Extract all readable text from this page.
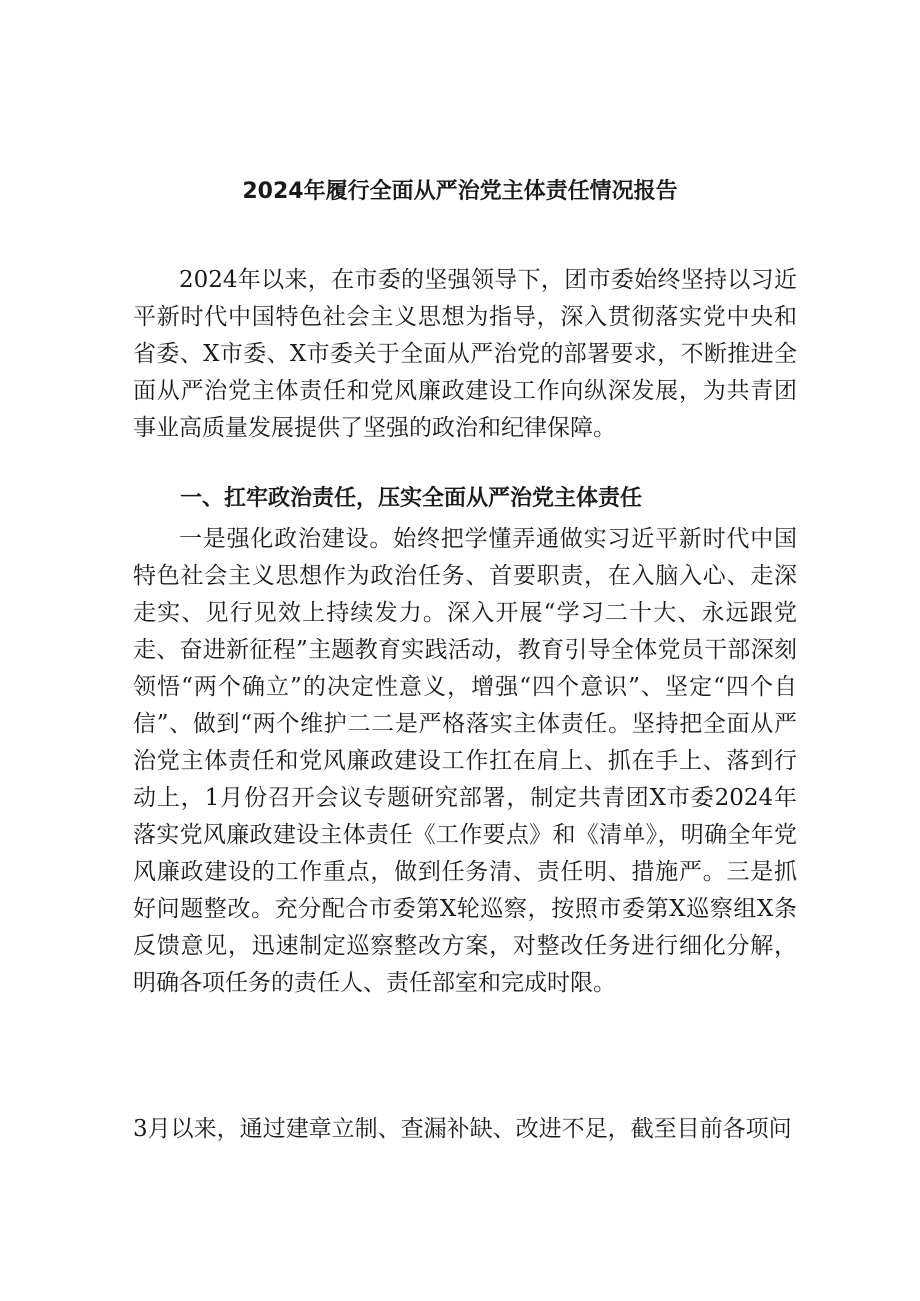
2024年履行全面从严治党主体责任情况报告

2024年以来，在市委的坚强领导下，团市委始终坚持以习近平新时代中国特色社会主义思想为指导，深入贯彻落实党中央和省委、X市委、X市委关于全面从严治党的部署要求，不断推进全面从严治党主体责任和党风廉政建设工作向纵深发展，为共青团事业高质量发展提供了坚强的政治和纪律保障。

一、扛牢政治责任，压实全面从严治党主体责任

一是强化政治建设。始终把学懂弄通做实习近平新时代中国特色社会主义思想作为政治任务、首要职责，在入脑入心、走深走实、见行见效上持续发力。深入开展“学习二十大、永远跟党走、奋进新征程”主题教育实践活动，教育引导全体党员干部深刻领悟“两个确立”的决定性意义，增强“四个意识”、坚定“四个自信”、做到“两个维护二二是严格落实主体责任。坚持把全面从严治党主体责任和党风廉政建设工作扛在肩上、抓在手上、落到行动上，1月份召开会议专题研究部署，制定共青团X市委2024年落实党风廉政建设主体责任《工作要点》和《清单》，明确全年党风廉政建设的工作重点，做到任务清、责任明、措施严。三是抓好问题整改。充分配合市委第X轮巡察，按照市委第X巡察组X条反馈意见，迅速制定巡察整改方案，对整改任务进行细化分解，明确各项任务的责任人、责任部室和完成时限。

3月以来，通过建章立制、查漏补缺、改进不足，截至目前各项问
